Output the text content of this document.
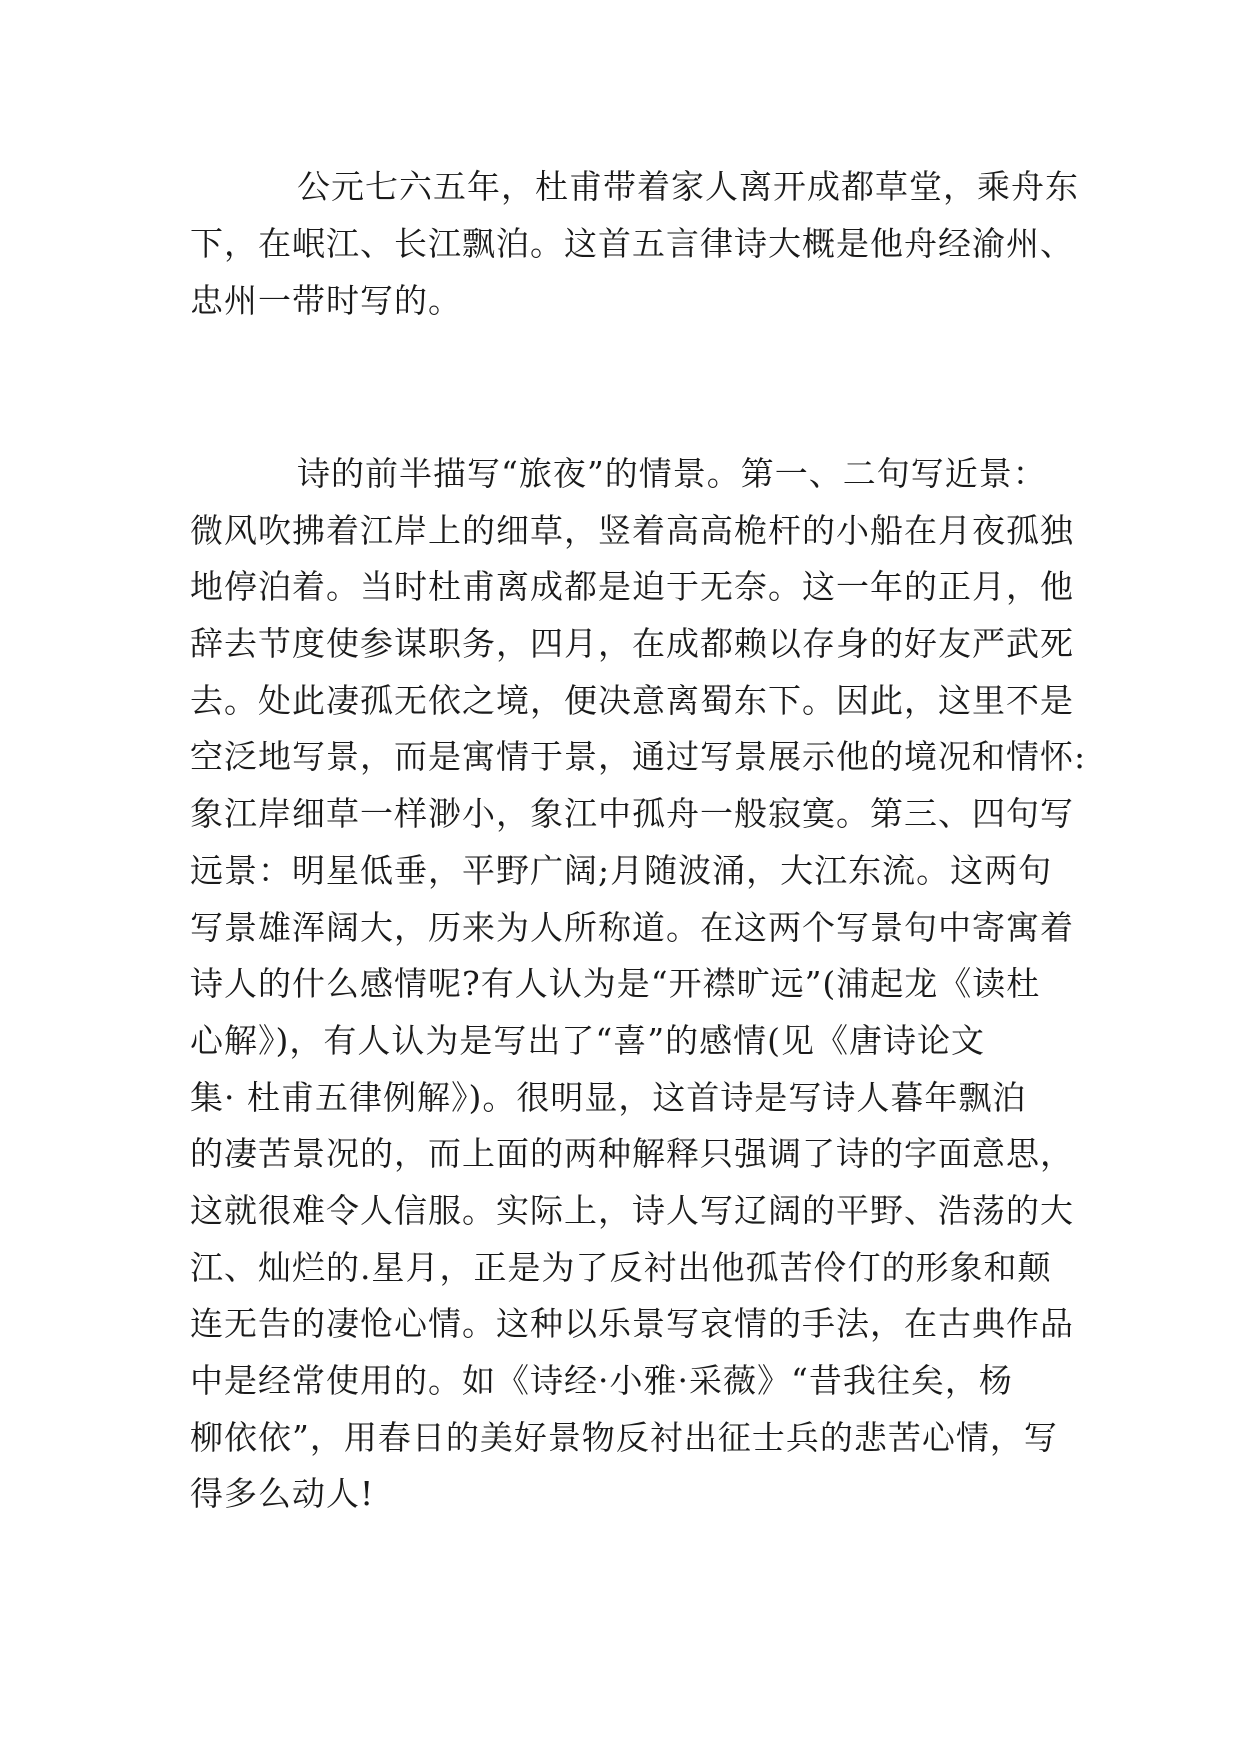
公元七六五年，杜甫带着家人离开成都草堂，乘舟东
下，在岷江、长江飘泊。这首五言律诗大概是他舟经渝州、
忠州一带时写的。
诗的前半描写“旅夜”的情景。第一、二句写近景：
微风吹拂着江岸上的细草，竖着高高桅杆的小船在月夜孤独
地停泊着。当时杜甫离成都是迫于无奈。这一年的正月，他
辞去节度使参谋职务，四月，在成都赖以存身的好友严武死
去。处此凄孤无依之境，便决意离蜀东下。因此，这里不是
空泛地写景，而是寓情于景，通过写景展示他的境况和情怀:
象江岸细草一样渺小，象江中孤舟一般寂寞。第三、四句写
远景：明星低垂，平野广阔;月随波涌，大江东流。这两句
写景雄浑阔大，历来为人所称道。在这两个写景句中寄寓着
诗人的什么感情呢?有人认为是“开襟旷远”(浦起龙《读杜
心解》)，有人认为是写出了“喜”的感情(见《唐诗论文
集· 杜甫五律例解》)。很明显，这首诗是写诗人暮年飘泊
的凄苦景况的，而上面的两种解释只强调了诗的字面意思，
这就很难令人信服。实际上，诗人写辽阔的平野、浩荡的大
江、灿烂的.星月，正是为了反衬出他孤苦伶仃的形象和颠
连无告的凄怆心情。这种以乐景写哀情的手法，在古典作品
中是经常使用的。如《诗经·小雅·采薇》“昔我往矣，杨
柳依依”，用春日的美好景物反衬出征士兵的悲苦心情，写
得多么动人!
